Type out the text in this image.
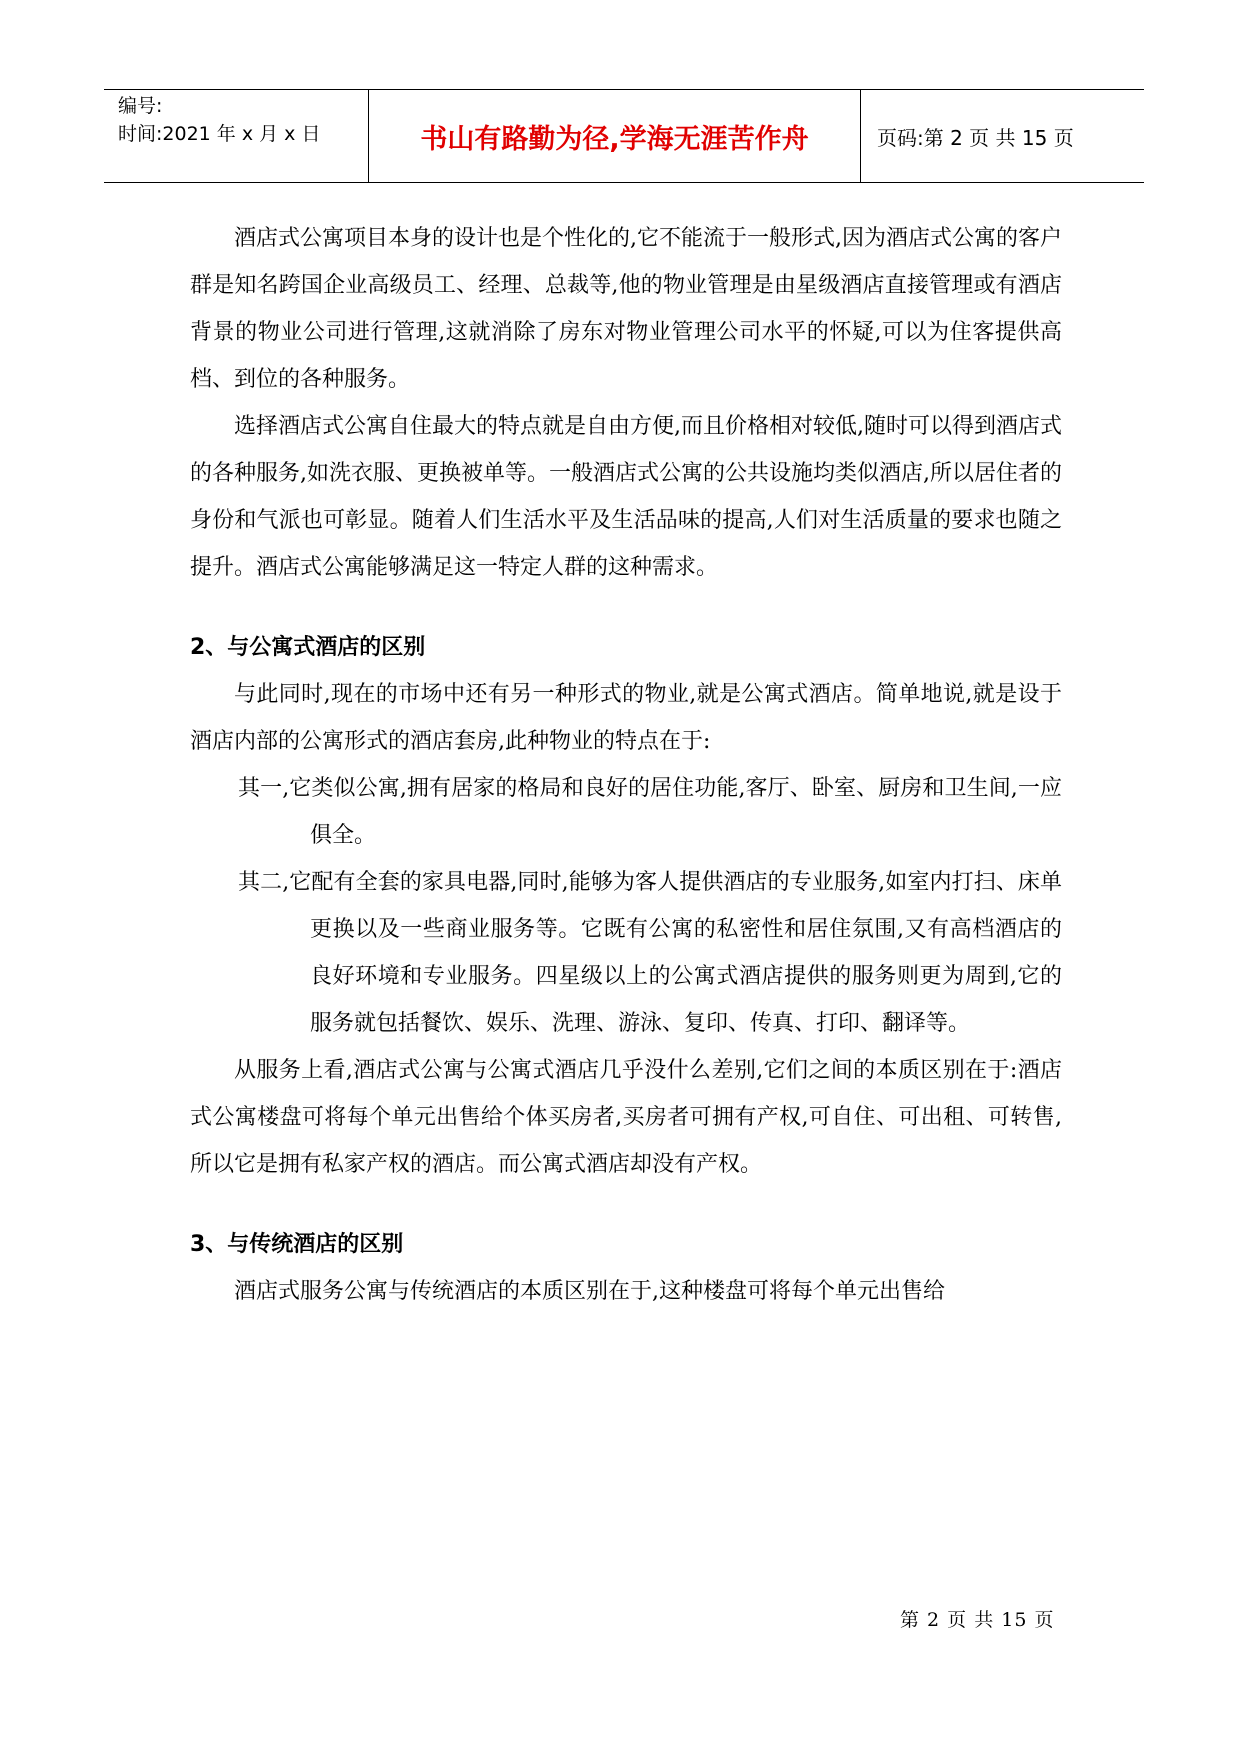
编号:
时间:2021 年 x 月 x 日	书山有路勤为径,学海无涯苦作舟	页码:第 2 页 共 15 页

酒店式公寓项目本身的设计也是个性化的,它不能流于一般形式,因为酒店式公寓的客户群是知名跨国企业高级员工、经理、总裁等,他的物业管理是由星级酒店直接管理或有酒店背景的物业公司进行管理,这就消除了房东对物业管理公司水平的怀疑,可以为住客提供高档、到位的各种服务。

选择酒店式公寓自住最大的特点就是自由方便,而且价格相对较低,随时可以得到酒店式的各种服务,如洗衣服、更换被单等。一般酒店式公寓的公共设施均类似酒店,所以居住者的身份和气派也可彰显。随着人们生活水平及生活品味的提高,人们对生活质量的要求也随之提升。酒店式公寓能够满足这一特定人群的这种需求。

2、与公寓式酒店的区别

与此同时,现在的市场中还有另一种形式的物业,就是公寓式酒店。简单地说,就是设于酒店内部的公寓形式的酒店套房,此种物业的特点在于:

其一,它类似公寓,拥有居家的格局和良好的居住功能,客厅、卧室、厨房和卫生间,一应俱全。
其二,它配有全套的家具电器,同时,能够为客人提供酒店的专业服务,如室内打扫、床单更换以及一些商业服务等。它既有公寓的私密性和居住氛围,又有高档酒店的良好环境和专业服务。四星级以上的公寓式酒店提供的服务则更为周到,它的服务就包括餐饮、娱乐、洗理、游泳、复印、传真、打印、翻译等。

从服务上看,酒店式公寓与公寓式酒店几乎没什么差别,它们之间的本质区别在于:酒店式公寓楼盘可将每个单元出售给个体买房者,买房者可拥有产权,可自住、可出租、可转售,所以它是拥有私家产权的酒店。而公寓式酒店却没有产权。

3、与传统酒店的区别

酒店式服务公寓与传统酒店的本质区别在于,这种楼盘可将每个单元出售给

第 2 页 共 15 页
